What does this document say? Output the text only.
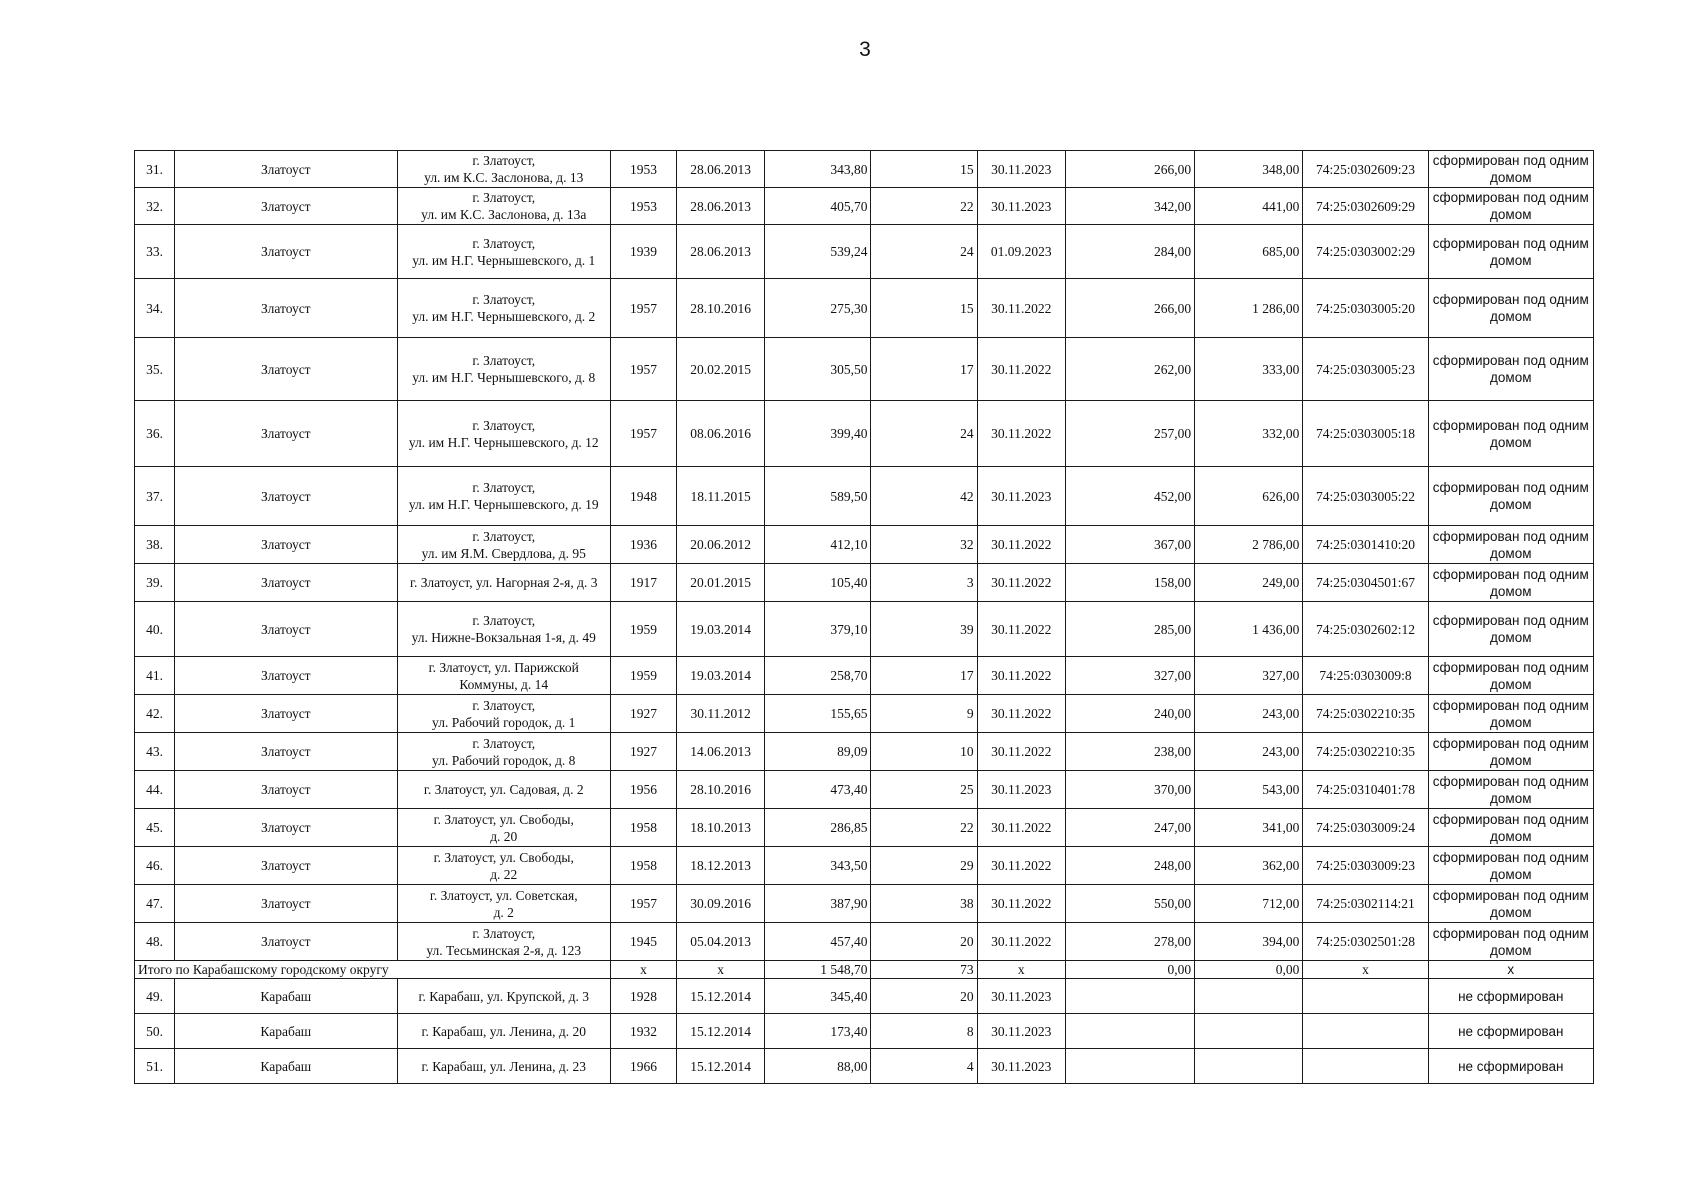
3
31.	Златоуст	г. Златоуст,
ул. им К.С. Заслонова, д. 13	1953	28.06.2013	343,80	15	30.11.2023	266,00	348,00	74:25:0302609:23	сформирован под одним домом
32.	Златоуст	г. Златоуст,
ул. им К.С. Заслонова, д. 13а	1953	28.06.2013	405,70	22	30.11.2023	342,00	441,00	74:25:0302609:29	сформирован под одним домом
33.	Златоуст	г. Златоуст,
ул. им Н.Г. Чернышевского, д. 1	1939	28.06.2013	539,24	24	01.09.2023	284,00	685,00	74:25:0303002:29	сформирован под одним домом
34.	Златоуст	г. Златоуст,
ул. им Н.Г. Чернышевского, д. 2	1957	28.10.2016	275,30	15	30.11.2022	266,00	1 286,00	74:25:0303005:20	сформирован под одним домом
35.	Златоуст	г. Златоуст,
ул. им Н.Г. Чернышевского, д. 8	1957	20.02.2015	305,50	17	30.11.2022	262,00	333,00	74:25:0303005:23	сформирован под одним домом
36.	Златоуст	г. Златоуст,
ул. им Н.Г. Чернышевского, д. 12	1957	08.06.2016	399,40	24	30.11.2022	257,00	332,00	74:25:0303005:18	сформирован под одним домом
37.	Златоуст	г. Златоуст,
ул. им Н.Г. Чернышевского, д. 19	1948	18.11.2015	589,50	42	30.11.2023	452,00	626,00	74:25:0303005:22	сформирован под одним домом
38.	Златоуст	г. Златоуст,
ул. им Я.М. Свердлова, д. 95	1936	20.06.2012	412,10	32	30.11.2022	367,00	2 786,00	74:25:0301410:20	сформирован под одним домом
39.	Златоуст	г. Златоуст, ул. Нагорная 2-я, д. 3	1917	20.01.2015	105,40	3	30.11.2022	158,00	249,00	74:25:0304501:67	сформирован под одним домом
40.	Златоуст	г. Златоуст,
ул. Нижне-Вокзальная 1-я, д. 49	1959	19.03.2014	379,10	39	30.11.2022	285,00	1 436,00	74:25:0302602:12	сформирован под одним домом
41.	Златоуст	г. Златоуст, ул. Парижской
Коммуны, д. 14	1959	19.03.2014	258,70	17	30.11.2022	327,00	327,00	74:25:0303009:8	сформирован под одним домом
42.	Златоуст	г. Златоуст,
ул. Рабочий городок, д. 1	1927	30.11.2012	155,65	9	30.11.2022	240,00	243,00	74:25:0302210:35	сформирован под одним домом
43.	Златоуст	г. Златоуст,
ул. Рабочий городок, д. 8	1927	14.06.2013	89,09	10	30.11.2022	238,00	243,00	74:25:0302210:35	сформирован под одним домом
44.	Златоуст	г. Златоуст, ул. Садовая, д. 2	1956	28.10.2016	473,40	25	30.11.2023	370,00	543,00	74:25:0310401:78	сформирован под одним домом
45.	Златоуст	г. Златоуст, ул. Свободы,
д. 20	1958	18.10.2013	286,85	22	30.11.2022	247,00	341,00	74:25:0303009:24	сформирован под одним домом
46.	Златоуст	г. Златоуст, ул. Свободы,
д. 22	1958	18.12.2013	343,50	29	30.11.2022	248,00	362,00	74:25:0303009:23	сформирован под одним домом
47.	Златоуст	г. Златоуст, ул. Советская,
д. 2	1957	30.09.2016	387,90	38	30.11.2022	550,00	712,00	74:25:0302114:21	сформирован под одним домом
48.	Златоуст	г. Златоуст,
ул. Тесьминская 2-я, д. 123	1945	05.04.2013	457,40	20	30.11.2022	278,00	394,00	74:25:0302501:28	сформирован под одним домом
Итого по Карабашскому городскому округу			x	x	1 548,70	73	x	0,00	0,00	x	x
49.	Карабаш	г. Карабаш, ул. Крупской, д. 3	1928	15.12.2014	345,40	20	30.11.2023				не сформирован
50.	Карабаш	г. Карабаш, ул. Ленина, д. 20	1932	15.12.2014	173,40	8	30.11.2023				не сформирован
51.	Карабаш	г. Карабаш, ул. Ленина, д. 23	1966	15.12.2014	88,00	4	30.11.2023				не сформирован
